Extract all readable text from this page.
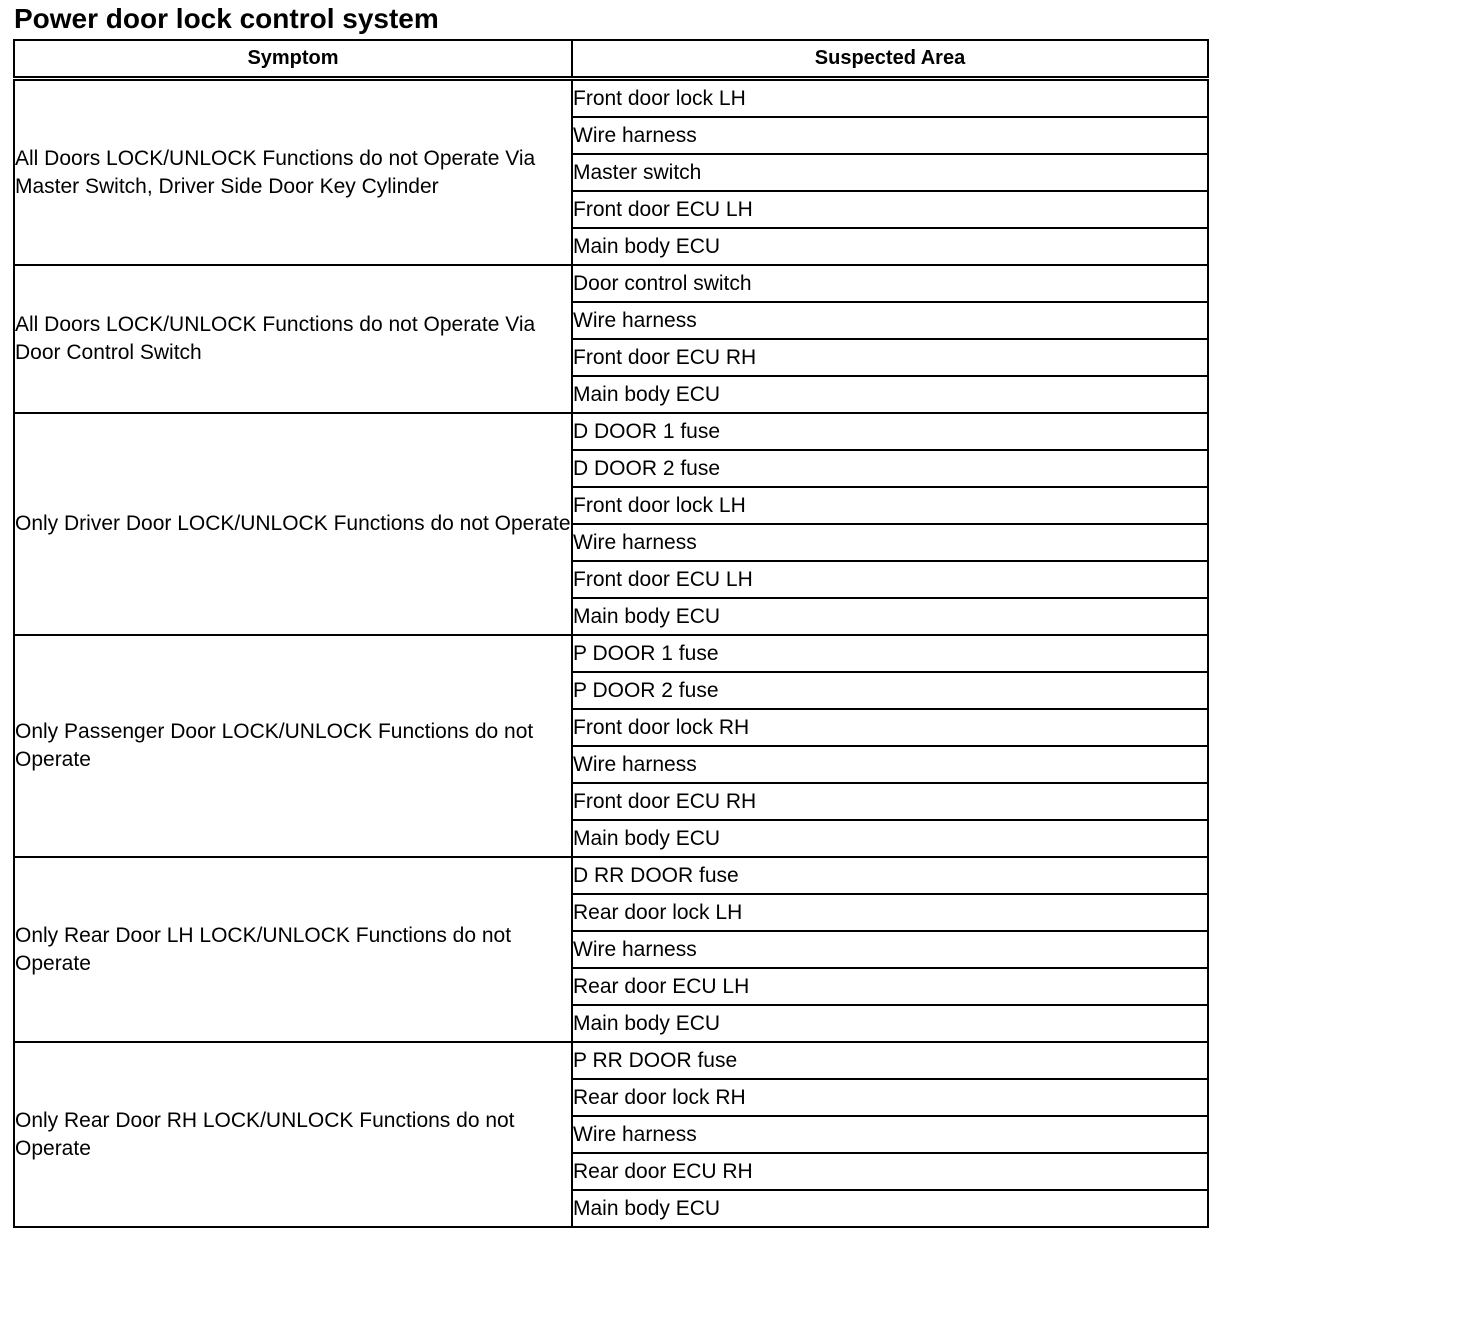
Power door lock control system
Symptom	Suspected Area
All Doors LOCK/UNLOCK Functions do not Operate Via Master Switch, Driver Side Door Key Cylinder	Front door lock LH
	Wire harness
	Master switch
	Front door ECU LH
	Main body ECU
All Doors LOCK/UNLOCK Functions do not Operate Via Door Control Switch	Door control switch
	Wire harness
	Front door ECU RH
	Main body ECU
Only Driver Door LOCK/UNLOCK Functions do not Operate	D DOOR 1 fuse
	D DOOR 2 fuse
	Front door lock LH
	Wire harness
	Front door ECU LH
	Main body ECU
Only Passenger Door LOCK/UNLOCK Functions do not Operate	P DOOR 1 fuse
	P DOOR 2 fuse
	Front door lock RH
	Wire harness
	Front door ECU RH
	Main body ECU
Only Rear Door LH LOCK/UNLOCK Functions do not Operate	D RR DOOR fuse
	Rear door lock LH
	Wire harness
	Rear door ECU LH
	Main body ECU
Only Rear Door RH LOCK/UNLOCK Functions do not Operate	P RR DOOR fuse
	Rear door lock RH
	Wire harness
	Rear door ECU RH
	Main body ECU
